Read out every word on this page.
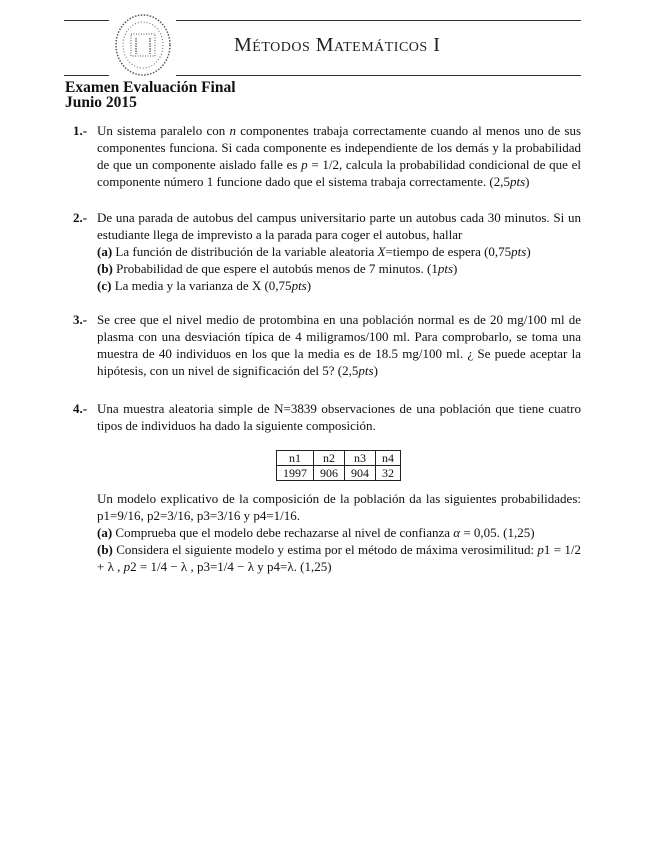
Métodos Matemáticos I
Examen Evaluación Final
Junio 2015
1.- Un sistema paralelo con n componentes trabaja correctamente cuando al menos uno de sus componentes funciona. Si cada componente es independiente de los demás y la probabilidad de que un componente aislado falle es p = 1/2, calcula la probabilidad condicional de que el componente número 1 funcione dado que el sistema trabaja correctamente. (2,5pts)

2.- De una parada de autobus del campus universitario parte un autobus cada 30 minutos. Si un estudiante llega de imprevisto a la parada para coger el autobus, hallar

(a) La función de distribución de la variable aleatoria X=tiempo de espera (0,75pts)

(b) Probabilidad de que espere el autobús menos de 7 minutos. (1pts)

(c) La media y la varianza de X (0,75pts)

3.- Se cree que el nivel medio de protombina en una población normal es de 20 mg/100 ml de plasma con una desviación típica de 4 miligramos/100 ml. Para comprobarlo, se toma una muestra de 40 individuos en los que la media es de 18.5 mg/100 ml. ¿ Se puede aceptar la hipótesis, con un nivel de significación del 5? (2,5pts)

4.- Una muestra aleatoria simple de N=3839 observaciones de una población que tiene cuatro tipos de individuos ha dado la siguiente composición.

n1	n2	n3	n4
1997	906	904	32

Un modelo explicativo de la composición de la población da las siguientes probabilidades: p1=9/16, p2=3/16, p3=3/16 y p4=1/16.

(a) Comprueba que el modelo debe rechazarse al nivel de confianza α = 0,05. (1,25)

(b) Considera el siguiente modelo y estima por el método de máxima verosimilitud: p1 = 1/2 + λ , p2 = 1/4 − λ , p3=1/4 − λ y p4=λ. (1,25)
